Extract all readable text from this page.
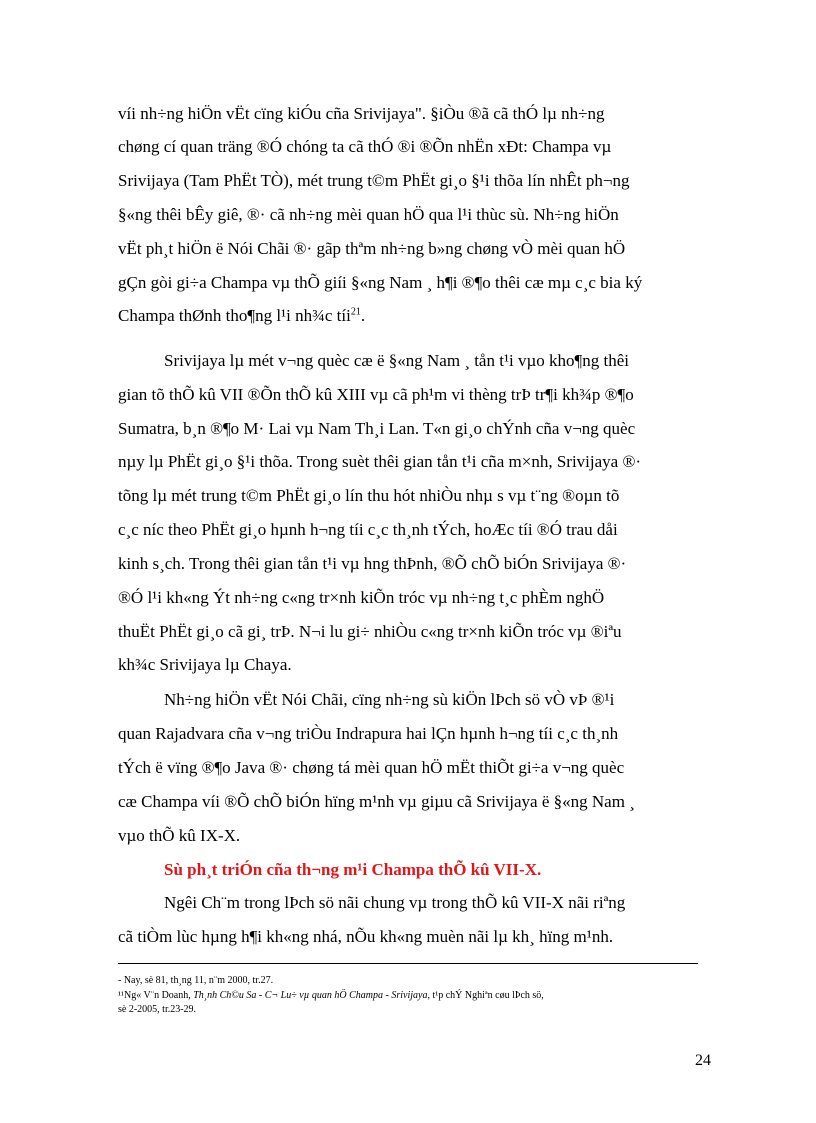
víi nh÷ng hiÖn vËt cïng kiÓu cña Srivijaya". §iÒu ®ã cã thÓ lµ nh÷ng
chøng cí quan träng ®Ó chóng ta cã thÓ ®i ®Õn nhËn xÐt: Champa vµ
Srivijaya (Tam PhËt TÒ), mét trung t©m PhËt gi¸o §¹i thõa lín nhÊt ph¬ng
§«ng thêi bÊy giê, ®· cã nh÷ng mèi quan hÖ qua l¹i thùc sù. Nh÷ng hiÖn
vËt ph¸t hiÖn ë Nói Chãi ®· gãp thªm nh÷ng b»ng chøng vÒ mèi quan hÖ
gÇn gòi gi÷a Champa vµ thÕ giíi §«ng Nam ¸ h¶i ®¶o thêi cæ mµ c¸c bia ký
Champa thØnh tho¶ng l¹i nh¾c tíi$^{21}$.
Srivijaya lµ mét v¬ng quèc cæ ë §«ng Nam ¸ tån t¹i vµo kho¶ng thêi
gian tõ thÕ kû VII ®Õn thÕ kû XIII vµ cã ph¹m vi thèng trÞ tr¶i kh¾p ®¶o
Sumatra, b¸n ®¶o M· Lai vµ Nam Th¸i Lan. T«n gi¸o chÝnh cña v¬ng quèc
nµy lµ PhËt gi¸o §¹i thõa. Trong suèt thêi gian tån t¹i cña m×nh, Srivijaya ®·
tõng lµ mét trung t©m PhËt gi¸o lín thu hót nhiÒu nhµ s vµ t¨ng ®oµn tõ
c¸c níc theo PhËt gi¸o hµnh h¬ng tíi c¸c th¸nh tÝch, hoÆc tíi ®Ó trau dåi
kinh s¸ch. Trong thêi gian tån t¹i vµ hng thÞnh, ®Õ chÕ biÓn Srivijaya ®·
®Ó l¹i kh«ng Ýt nh÷ng c«ng tr×nh kiÕn tróc vµ nh÷ng t¸c phÈm nghÖ
thuËt PhËt gi¸o cã gi¸ trÞ. N¬i lu gi÷ nhiÒu c«ng tr×nh kiÕn tróc vµ ®iªu
kh¾c Srivijaya lµ Chaya.
Nh÷ng hiÖn vËt Nói Chãi, cïng nh÷ng sù kiÖn lÞch sö vÒ vÞ ®¹i
quan Rajadvara cña v¬ng triÒu Indrapura hai lÇn hµnh h¬ng tíi c¸c th¸nh
tÝch ë vïng ®¶o Java ®· chøng tá mèi quan hÖ mËt thiÕt gi÷a v¬ng quèc
cæ Champa víi ®Õ chÕ biÓn hïng m¹nh vµ giµu cã Srivijaya ë §«ng Nam ¸
vµo thÕ kû IX-X.
Sù ph¸t triÓn cña th¬ng m¹i Champa thÕ kû VII-X.
Ngêi Ch¨m trong lÞch sö nãi chung vµ trong thÕ kû VII-X nãi riªng
cã tiÒm lùc hµng h¶i kh«ng nhá, nÕu kh«ng muèn nãi lµ kh¸ hïng m¹nh.
- Nay, sè 81, th¸ng 11, n¨m 2000, tr.27.
¹¹Ng« V¨n Doanh, Th¸nh Ch©u Sa - C¬ Lu÷ vµ quan hÖ Champa - Srivijaya, t¹p chÝ Nghiªn cøu lÞch sö,
sè 2-2005, tr.23-29.
24
